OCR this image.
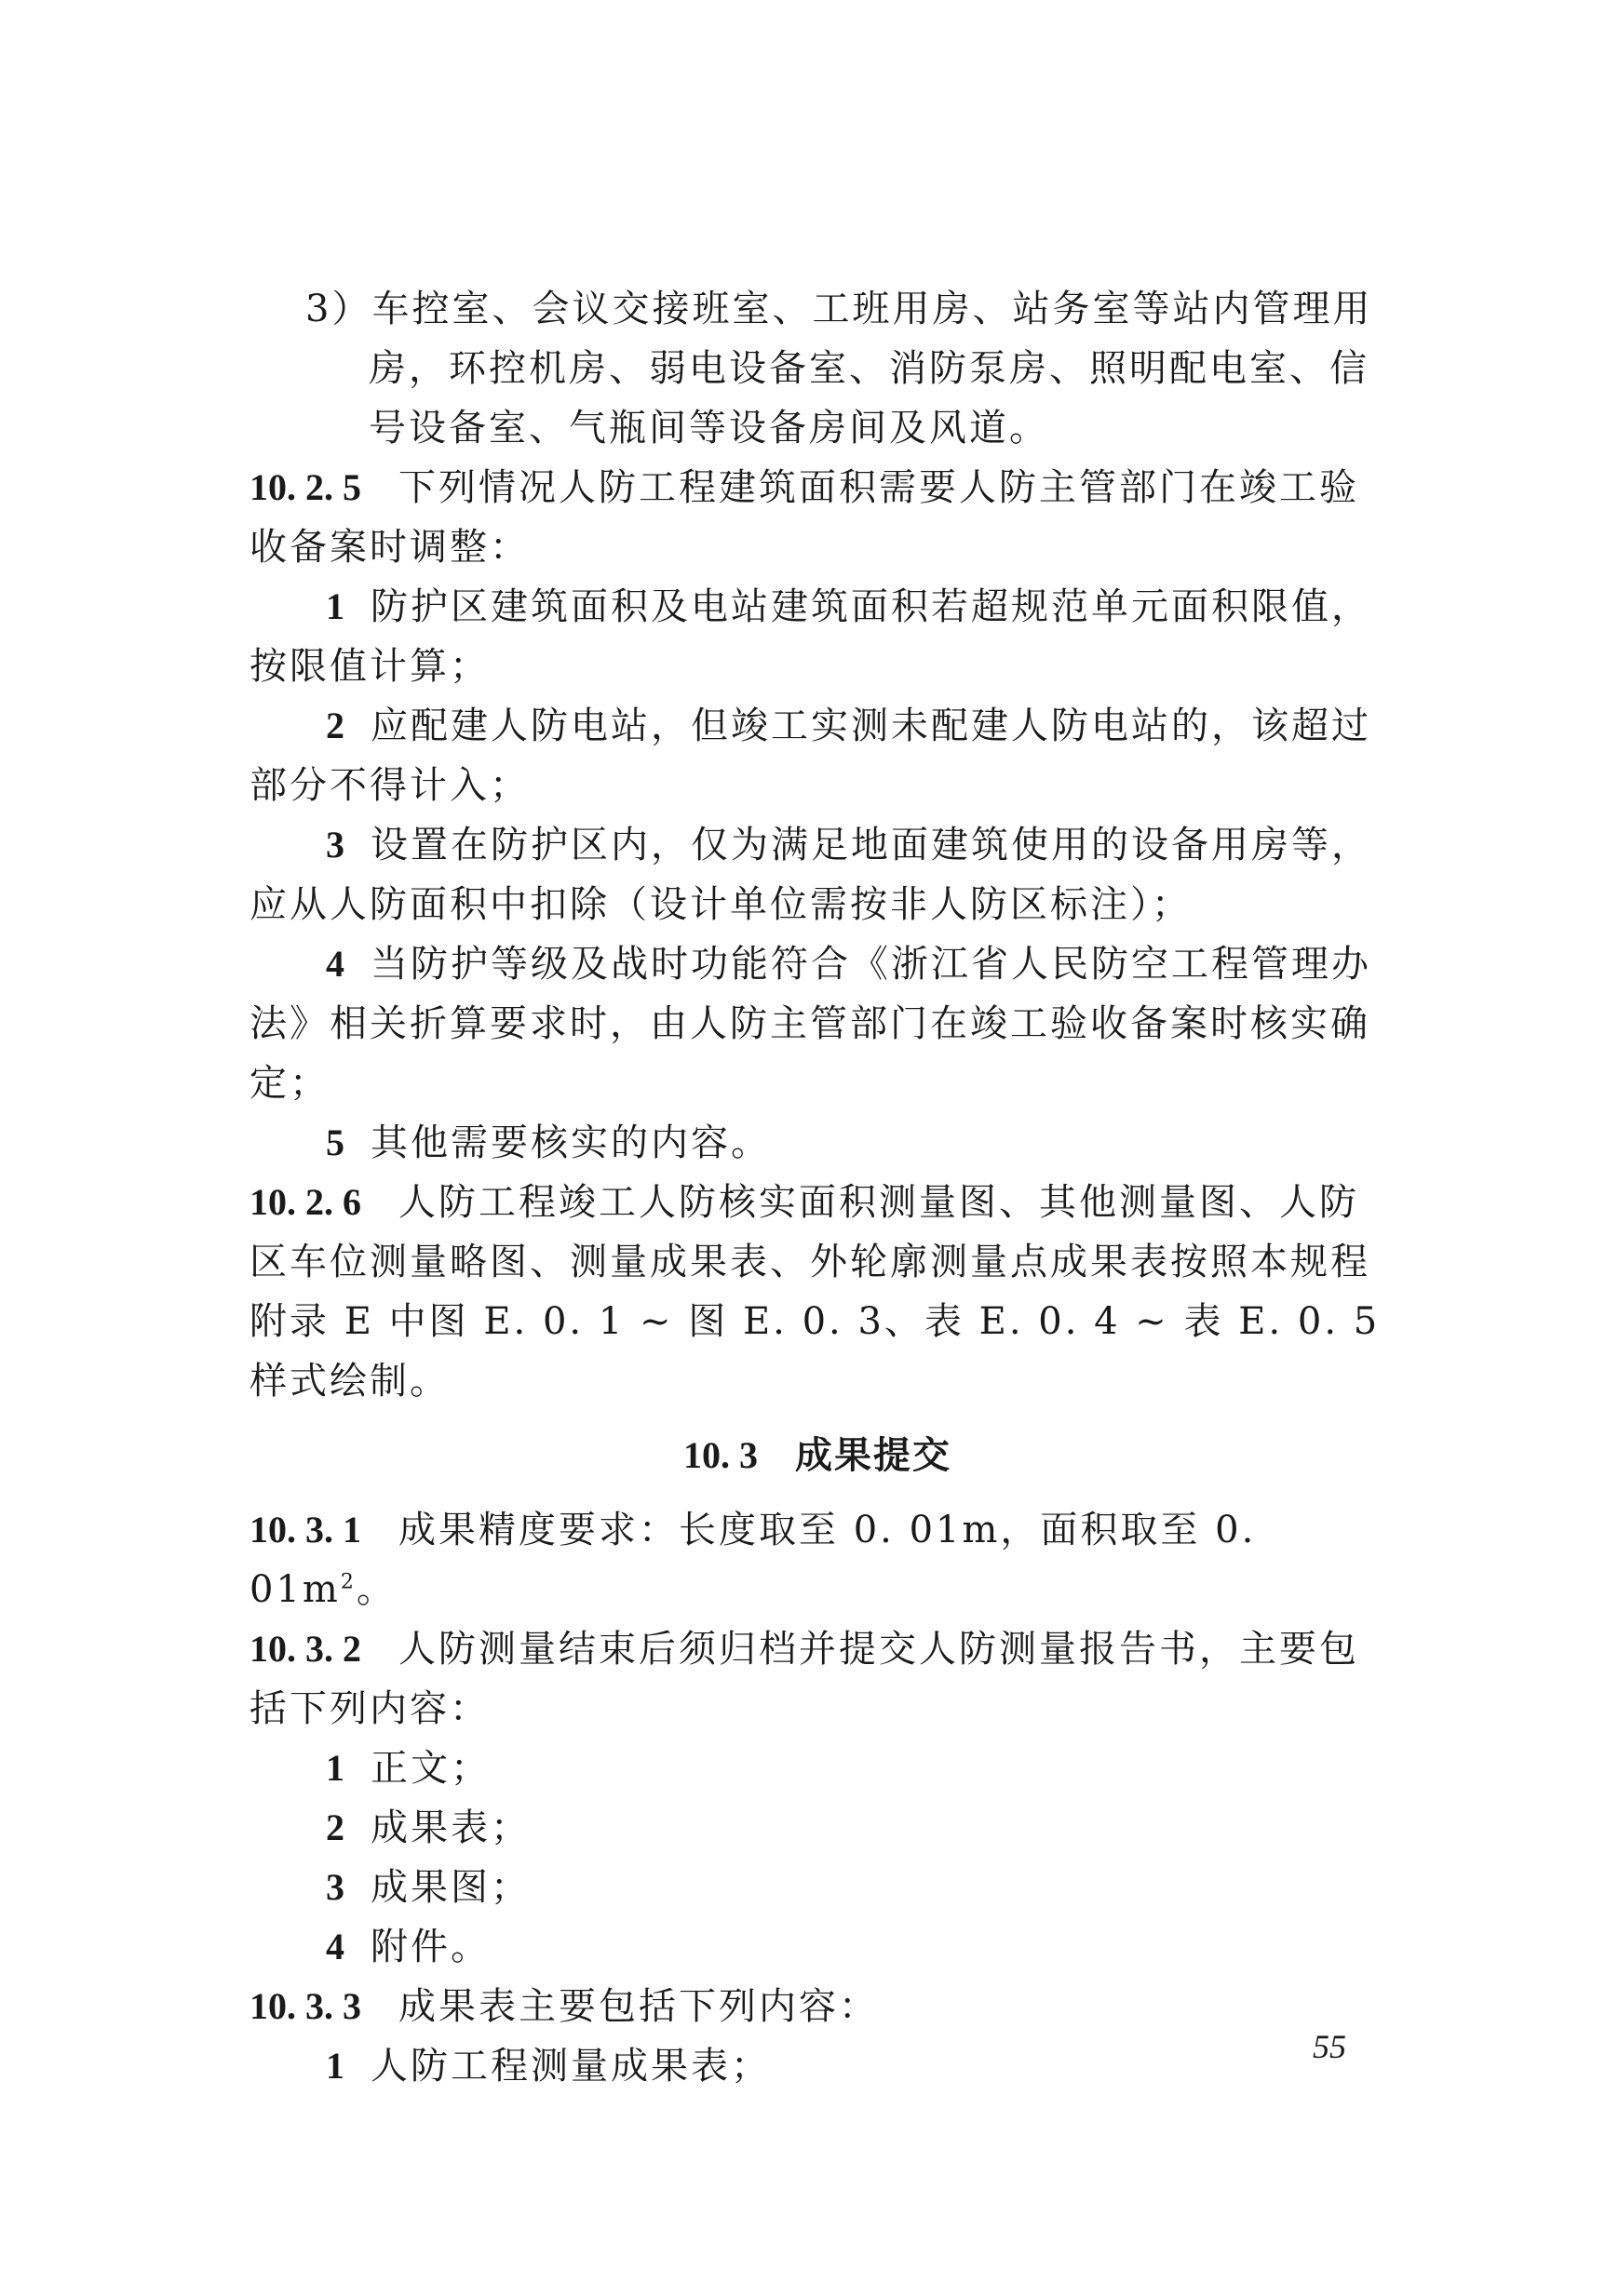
3）车控室、会议交接班室、工班用房、站务室等站内管理用房，环控机房、弱电设备室、消防泵房、照明配电室、信号设备室、气瓶间等设备房间及风道。
10. 2. 5 下列情况人防工程建筑面积需要人防主管部门在竣工验收备案时调整：
1 防护区建筑面积及电站建筑面积若超规范单元面积限值，按限值计算；
2 应配建人防电站，但竣工实测未配建人防电站的，该超过部分不得计入；
3 设置在防护区内，仅为满足地面建筑使用的设备用房等，应从人防面积中扣除（设计单位需按非人防区标注）；
4 当防护等级及战时功能符合《浙江省人民防空工程管理办法》相关折算要求时，由人防主管部门在竣工验收备案时核实确定；
5 其他需要核实的内容。
10. 2. 6 人防工程竣工人防核实面积测量图、其他测量图、人防区车位测量略图、测量成果表、外轮廓测量点成果表按照本规程附录 E 中图 E. 0. 1 ~ 图 E. 0. 3、表 E. 0. 4 ~ 表 E. 0. 5 样式绘制。
10. 3 成果提交
10. 3. 1 成果精度要求：长度取至 0. 01m，面积取至 0. $01m^2$。
10. 3. 2 人防测量结束后须归档并提交人防测量报告书，主要包括下列内容：
1 正文；
2 成果表；
3 成果图；
4 附件。
10. 3. 3 成果表主要包括下列内容：
1 人防工程测量成果表；	55
